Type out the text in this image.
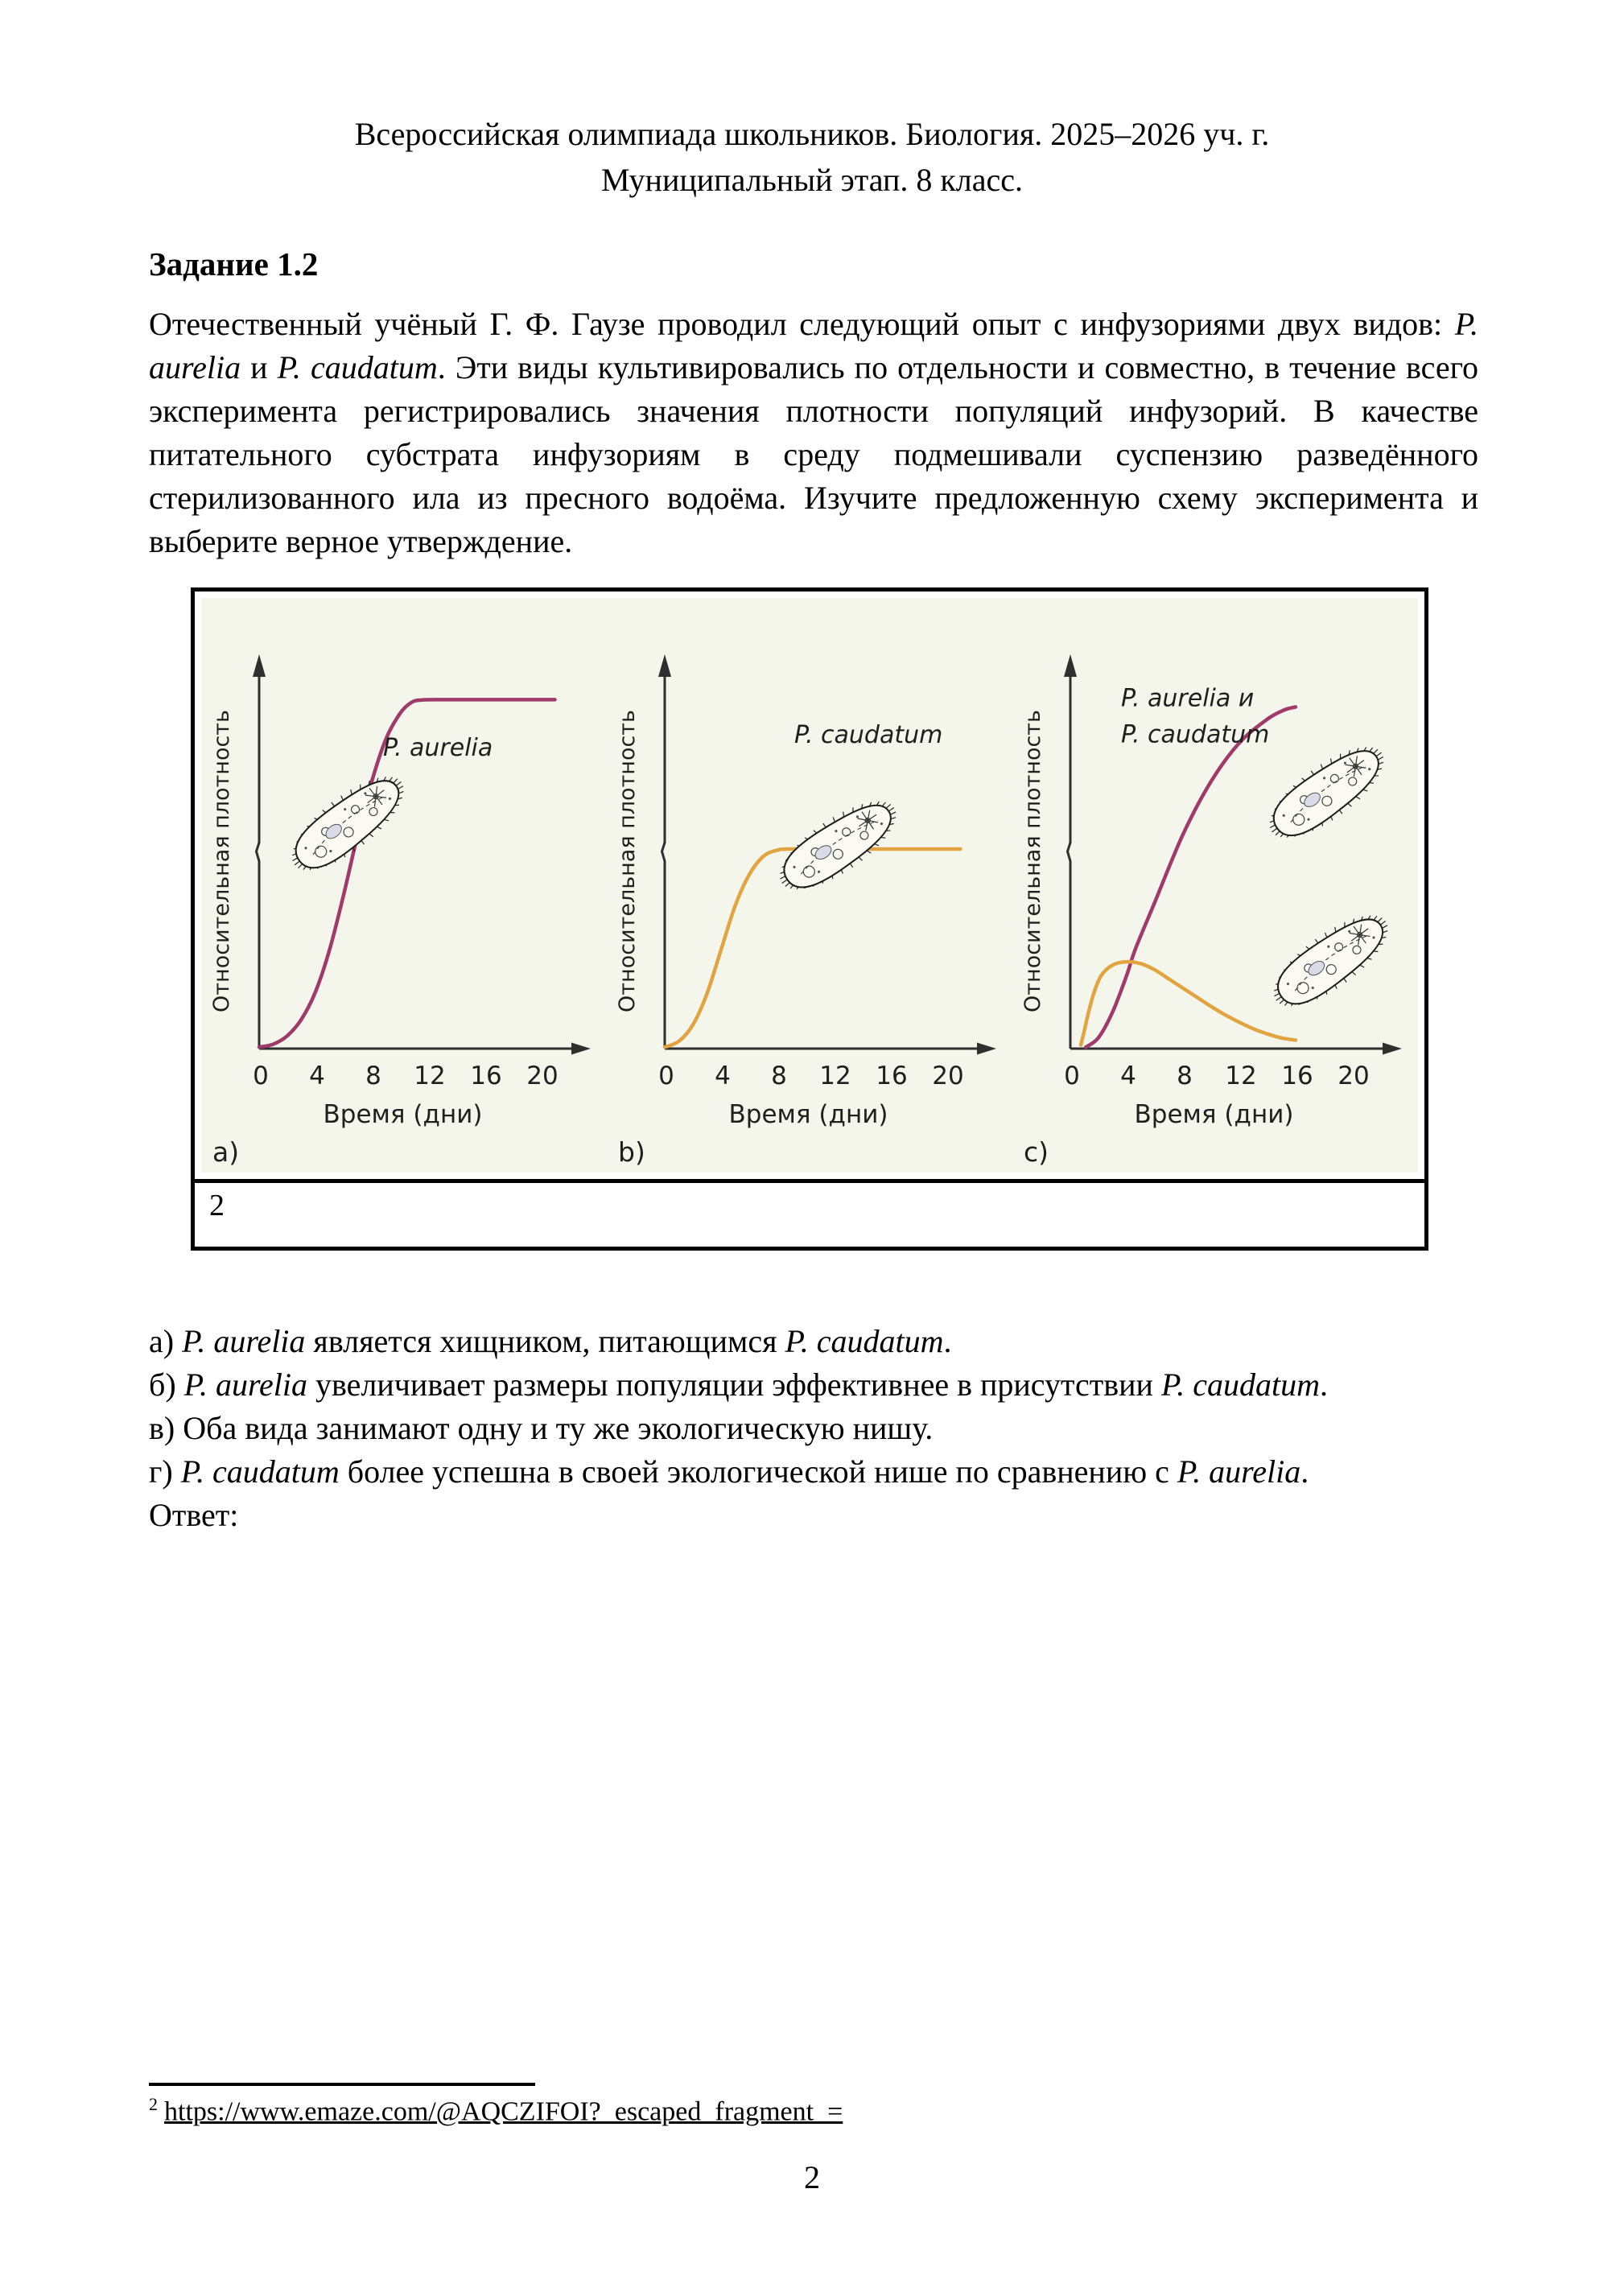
Всероссийская олимпиада школьников. Биология. 2025–2026 уч. г.
Муниципальный этап. 8 класс.
Задание 1.2

Отечественный учёный Г. Ф. Гаузе проводил следующий опыт с инфузориями двух видов: P. aurelia и P. caudatum. Эти виды культивировались по отдельности и совместно, в течение всего эксперимента регистрировались значения плотности популяций инфузорий. В качестве питательного субстрата инфузориям в среду подмешивали суспензию разведённого стерилизованного ила из пресного водоёма. Изучите предложенную схему эксперимента и выберите верное утверждение.

0 4 8 12 16 20
Время (дни)
Относительная плотность
a)
P. aurelia
0 4 8 12 16 20
Время (дни)
Относительная плотность
b)
P. caudatum
0 4 8 12 16 20
Время (дни)
Относительная плотность
c)
P. aurelia и
P. caudatum
2

а) P. aurelia является хищником, питающимся P. caudatum.

б) P. aurelia увеличивает размеры популяции эффективнее в присутствии P. caudatum.

в) Оба вида занимают одну и ту же экологическую нишу.

г) P. caudatum более успешна в своей экологической нише по сравнению с P. aurelia.

Ответ:

$^2$ https://www.emaze.com/@AQCZIFOI?_escaped_fragment_=
2
